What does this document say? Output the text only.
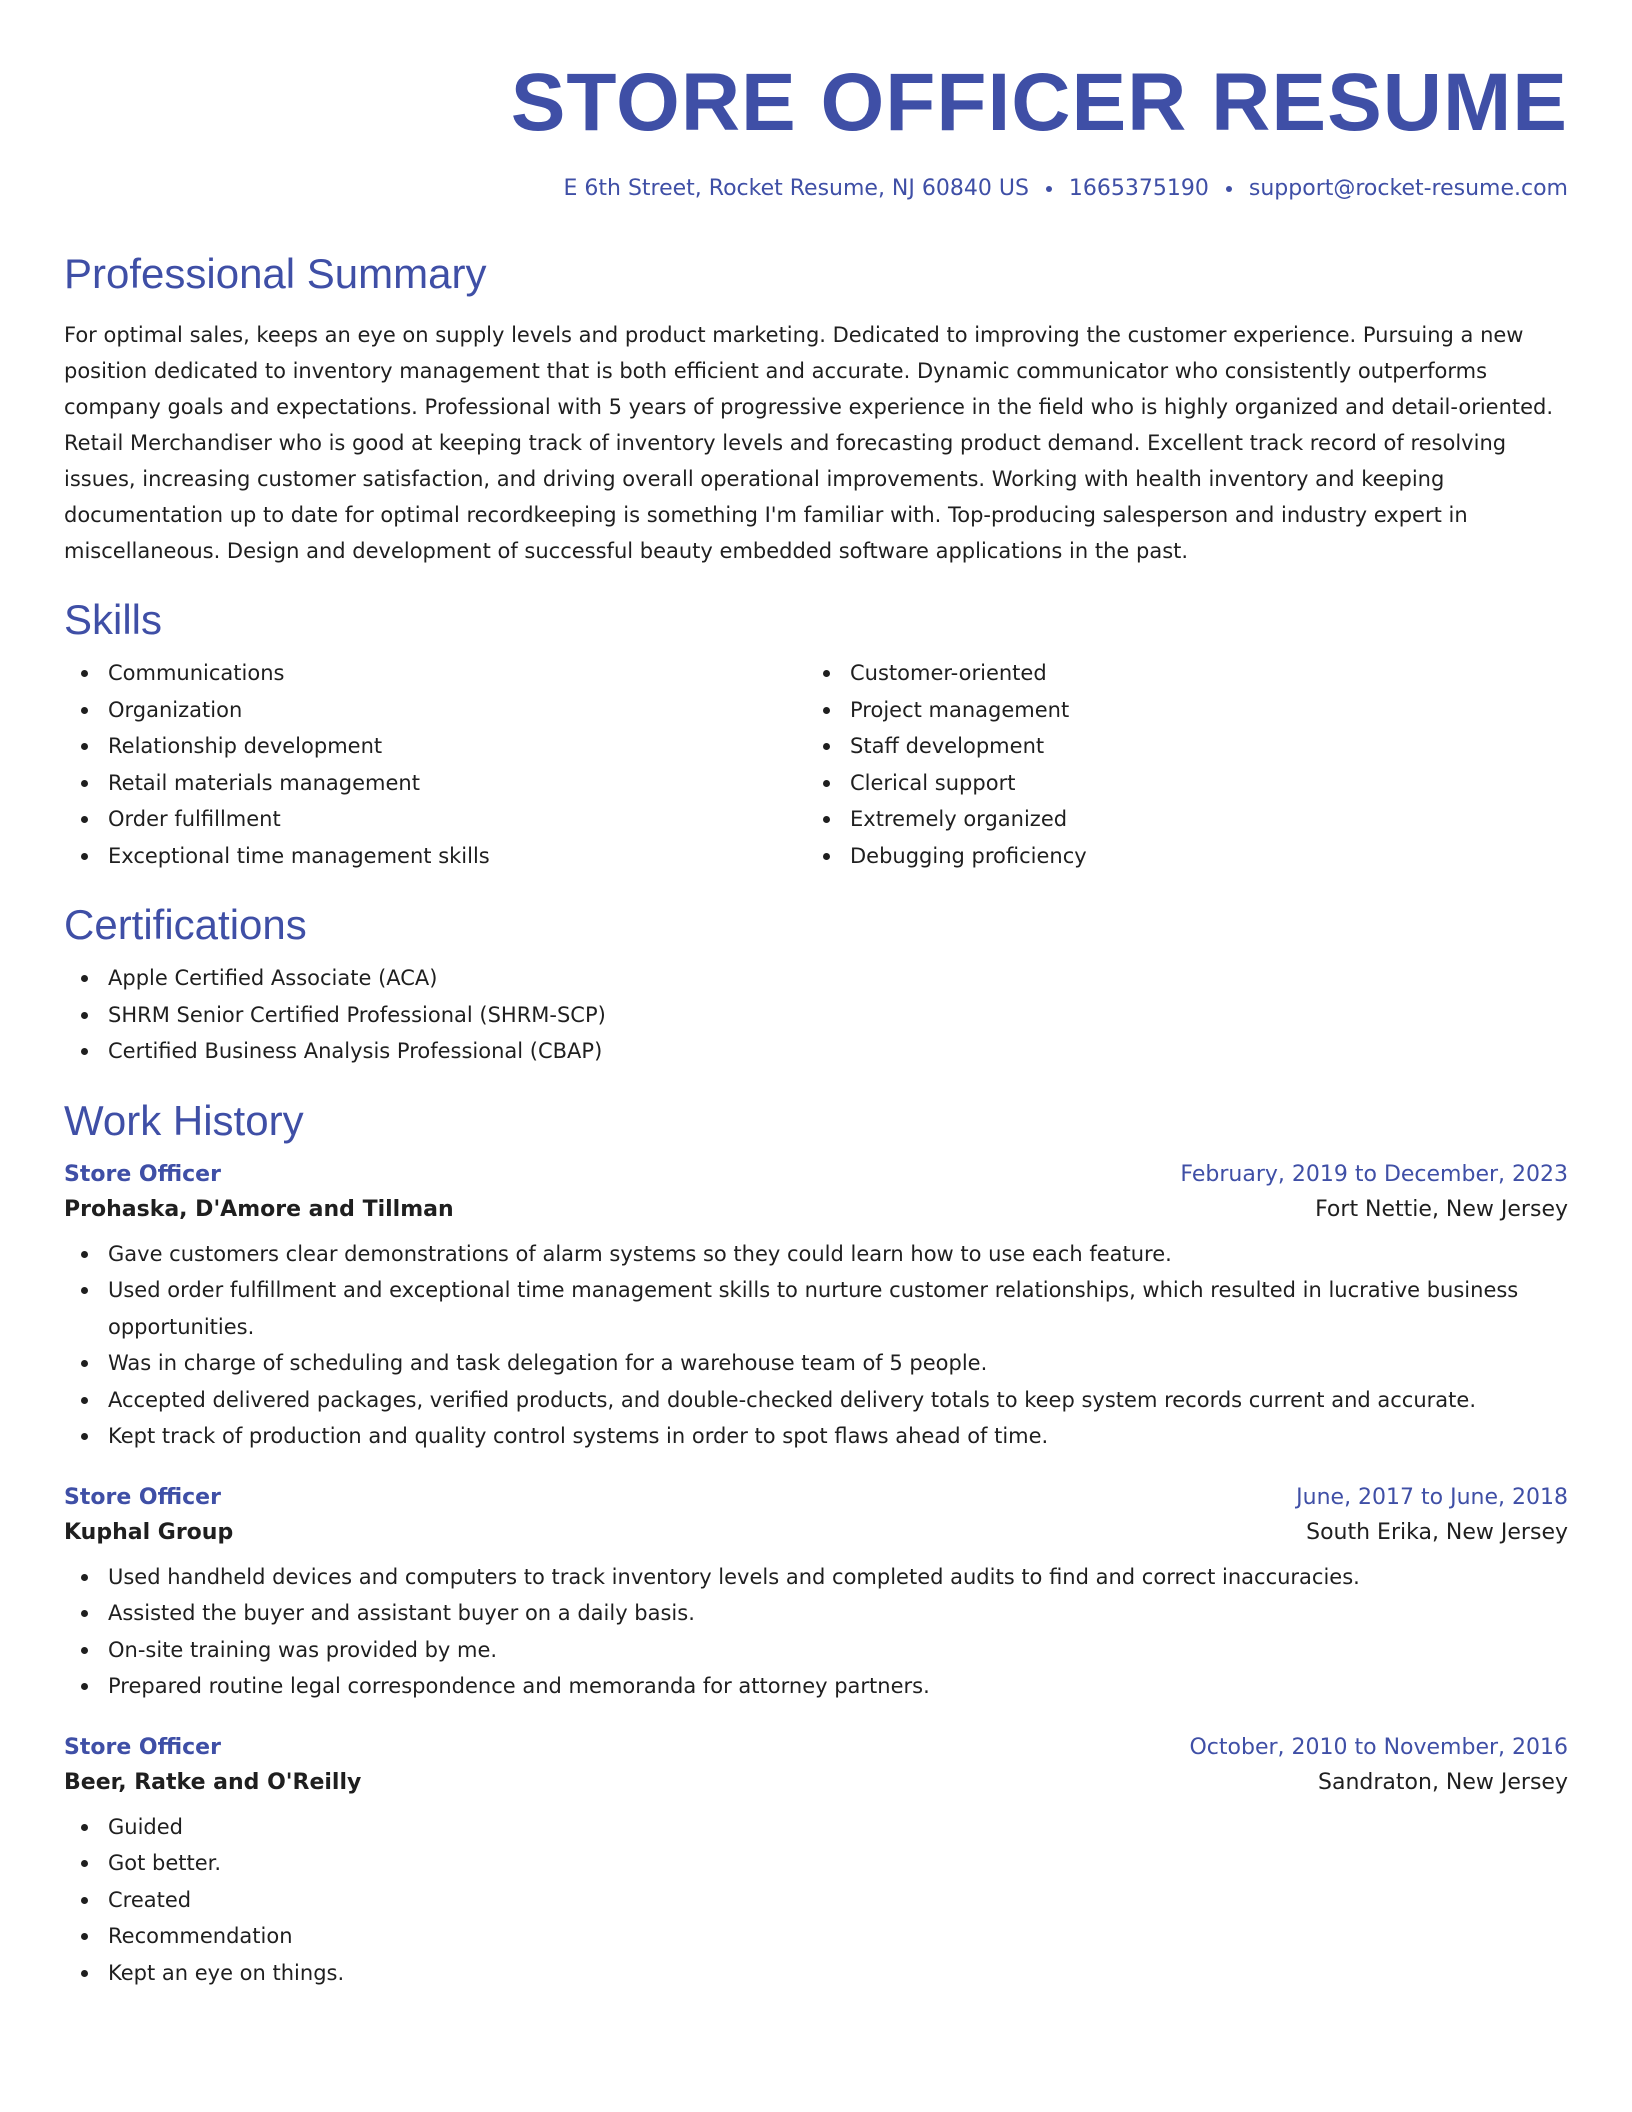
STORE OFFICER RESUME
E 6th Street, Rocket Resume, NJ 60840 US 1665375190 support@rocket-resume.com
Professional Summary

For optimal sales, keeps an eye on supply levels and product marketing. Dedicated to improving the customer experience. Pursuing a new position dedicated to inventory management that is both efficient and accurate. Dynamic communicator who consistently outperforms company goals and expectations. Professional with 5 years of progressive experience in the field who is highly organized and detail-oriented. Retail Merchandiser who is good at keeping track of inventory levels and forecasting product demand. Excellent track record of resolving issues, increasing customer satisfaction, and driving overall operational improvements. Working with health inventory and keeping documentation up to date for optimal recordkeeping is something I'm familiar with. Top-producing salesperson and industry expert in miscellaneous. Design and development of successful beauty embedded software applications in the past.

Skills
Communications
Organization
Relationship development
Retail materials management
Order fulfillment
Exceptional time management skills
Customer-oriented
Project management
Staff development
Clerical support
Extremely organized
Debugging proficiency
Certifications
Apple Certified Associate (ACA)
SHRM Senior Certified Professional (SHRM-SCP)
Certified Business Analysis Professional (CBAP)
Work History
Store Officer	February, 2019 to December, 2023
Prohaska, D'Amore and Tillman	Fort Nettie, New Jersey
Gave customers clear demonstrations of alarm systems so they could learn how to use each feature.
Used order fulfillment and exceptional time management skills to nurture customer relationships, which resulted in lucrative business opportunities.
Was in charge of scheduling and task delegation for a warehouse team of 5 people.
Accepted delivered packages, verified products, and double-checked delivery totals to keep system records current and accurate.
Kept track of production and quality control systems in order to spot flaws ahead of time.
Store Officer	June, 2017 to June, 2018
Kuphal Group	South Erika, New Jersey
Used handheld devices and computers to track inventory levels and completed audits to find and correct inaccuracies.
Assisted the buyer and assistant buyer on a daily basis.
On-site training was provided by me.
Prepared routine legal correspondence and memoranda for attorney partners.
Store Officer	October, 2010 to November, 2016
Beer, Ratke and O'Reilly	Sandraton, New Jersey
Guided
Got better.
Created
Recommendation
Kept an eye on things.
